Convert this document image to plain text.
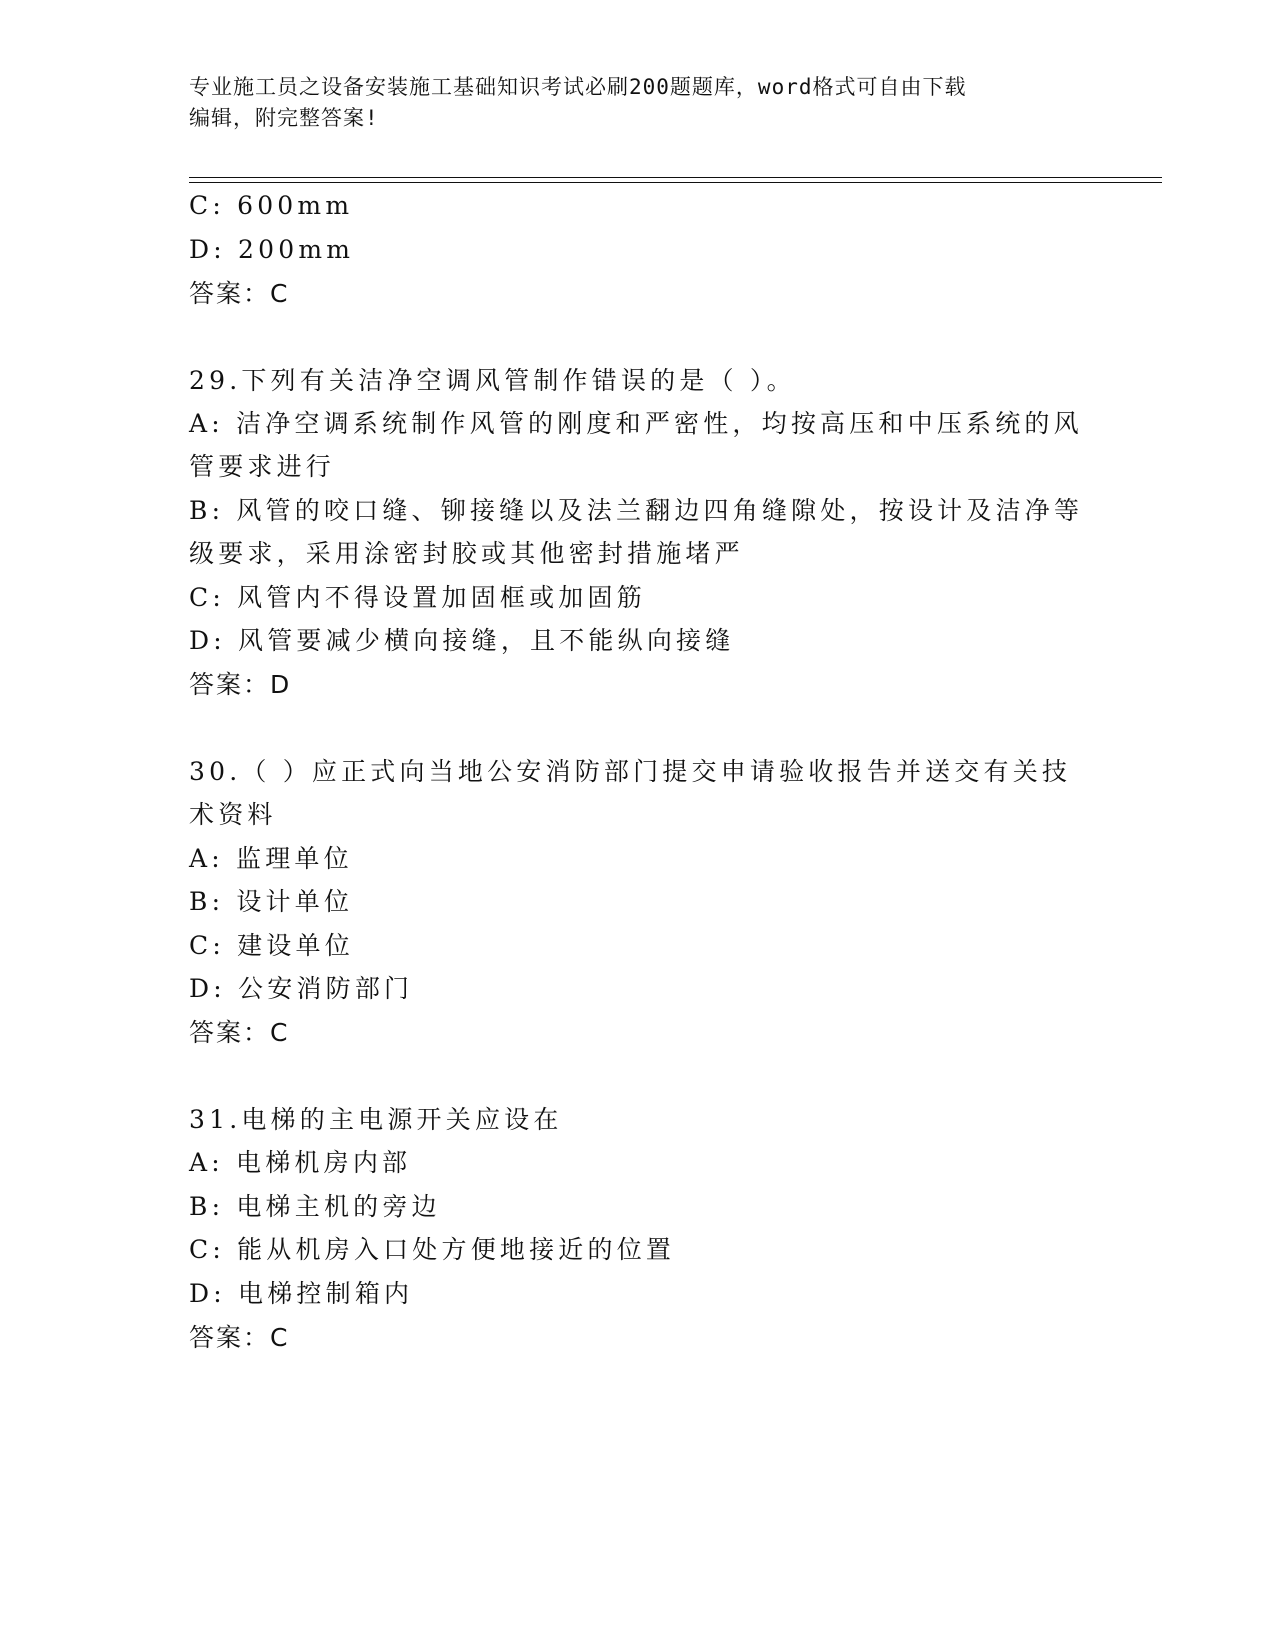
专业施工员之设备安装施工基础知识考试必刷200题题库，word格式可自由下载
编辑，附完整答案!
C: 600mm
D: 200mm
答案：C
29.下列有关洁净空调风管制作错误的是（ ）。
A: 洁净空调系统制作风管的刚度和严密性，均按高压和中压系统的风
管要求进行
B: 风管的咬口缝、铆接缝以及法兰翻边四角缝隙处，按设计及洁净等
级要求，采用涂密封胶或其他密封措施堵严
C: 风管内不得设置加固框或加固筋
D: 风管要减少横向接缝，且不能纵向接缝
答案：D
30.（ ）应正式向当地公安消防部门提交申请验收报告并送交有关技
术资料
A: 监理单位
B: 设计单位
C: 建设单位
D: 公安消防部门
答案：C
31.电梯的主电源开关应设在
A: 电梯机房内部
B: 电梯主机的旁边
C: 能从机房入口处方便地接近的位置
D: 电梯控制箱内
答案：C
